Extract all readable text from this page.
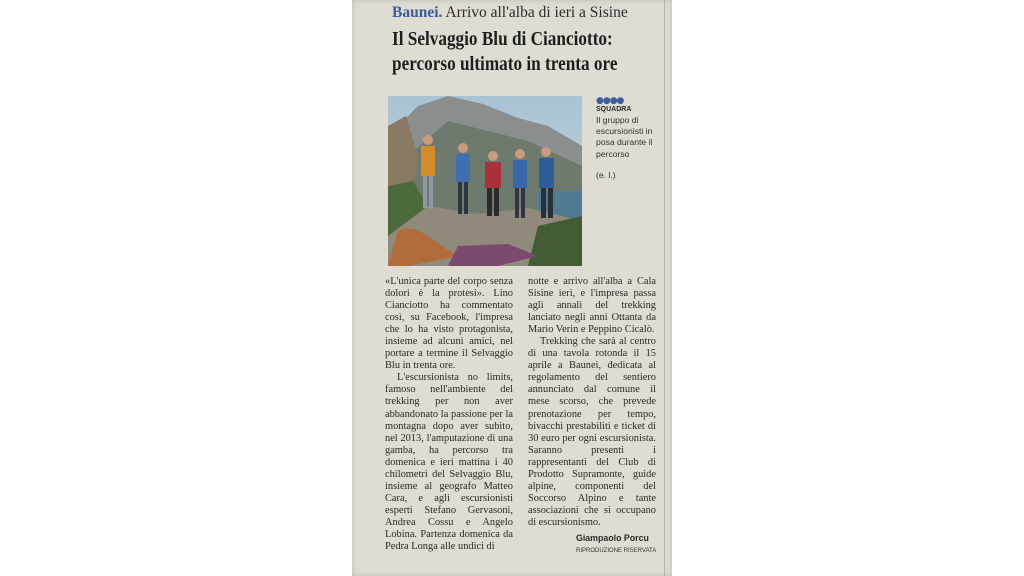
Baunei. Arrivo all'alba di ieri a Sisine
Il Selvaggio Blu di Cianciotto:
percorso ultimato in trenta ore
●●●●
SQUADRA
Il gruppo di escursionisti in posa durante il percorso
(e. l.)

«L'unica parte del corpo senza dolori è la protesi». Lino Cianciotto ha commentato così, su Facebook, l'impresa che lo ha visto protagonista, insieme ad alcuni amici, nel portare a termine il Selvaggio Blu in trenta ore.

L'escursionista no limits, famoso nell'ambiente del trekking per non aver abbandonato la passione per la montagna dopo aver subito, nel 2013, l'amputazione di una gamba, ha percorso tra domenica e ieri mattina i 40 chilometri del Selvaggio Blu, insieme al geografo Matteo Cara, e agli escursionisti esperti Stefano Gervasoni, Andrea Cossu e Angelo Lobina. Partenza domenica da Pedra Longa alle undici di

notte e arrivo all'alba a Cala Sisine ieri, e l'impresa passa agli annali del trekking lanciato negli anni Ottanta da Mario Verin e Peppino Cicalò.

Trekking che sarà al centro di una tavola rotonda il 15 aprile a Baunei, dedicata al regolamento del sentiero annunciato dal comune il mese scorso, che prevede prenotazione per tempo, bivacchi prestabiliti e ticket di 30 euro per ogni escursionista. Saranno presenti i rappresentanti del Club di Prodotto Supramonte, guide alpine, componenti del Soccorso Alpino e tante associazioni che si occupano di escursionismo.

Giampaolo Porcu
RIPRODUZIONE RISERVATA
